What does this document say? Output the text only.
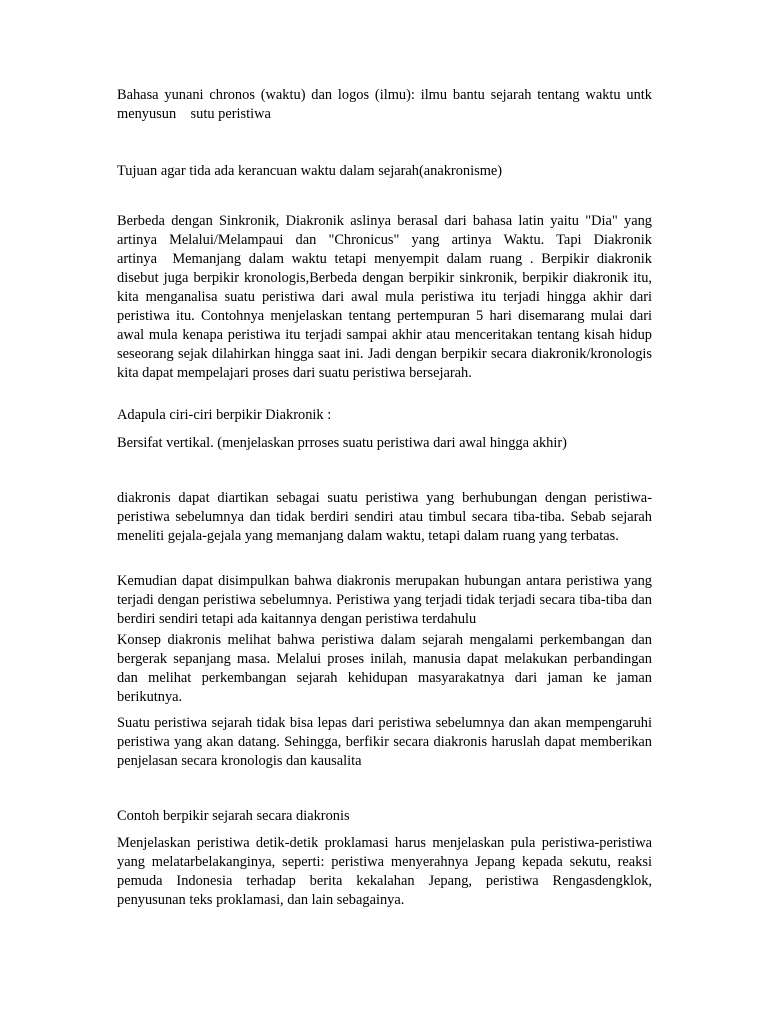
Bahasa yunani chronos (waktu) dan logos (ilmu): ilmu bantu sejarah tentang waktu untk menyusun    sutu peristiwa

Tujuan agar tida ada kerancuan waktu dalam sejarah(anakronisme)

Berbeda dengan Sinkronik, Diakronik aslinya berasal dari bahasa latin yaitu "Dia" yang artinya Melalui/Melampaui dan "Chronicus" yang artinya Waktu. Tapi Diakronik artinya  Memanjang dalam waktu tetapi menyempit dalam ruang . Berpikir diakronik disebut juga berpikir kronologis,Berbeda dengan berpikir sinkronik, berpikir diakronik itu, kita menganalisa suatu peristiwa dari awal mula peristiwa itu terjadi hingga akhir dari peristiwa itu. Contohnya menjelaskan tentang pertempuran 5 hari disemarang mulai dari awal mula kenapa peristiwa itu terjadi sampai akhir atau menceritakan tentang kisah hidup seseorang sejak dilahirkan hingga saat ini. Jadi dengan berpikir secara diakronik/kronologis kita dapat mempelajari proses dari suatu peristiwa bersejarah.

Adapula ciri-ciri berpikir Diakronik :

Bersifat vertikal. (menjelaskan prroses suatu peristiwa dari awal hingga akhir)

diakronis dapat diartikan sebagai suatu peristiwa yang berhubungan dengan peristiwa-peristiwa sebelumnya dan tidak berdiri sendiri atau timbul secara tiba-tiba. Sebab sejarah meneliti gejala-gejala yang memanjang dalam waktu, tetapi dalam ruang yang terbatas.

Kemudian dapat disimpulkan bahwa diakronis merupakan hubungan antara peristiwa yang terjadi dengan peristiwa sebelumnya. Peristiwa yang terjadi tidak terjadi secara tiba-tiba dan berdiri sendiri tetapi ada kaitannya dengan peristiwa terdahulu

Konsep diakronis melihat bahwa peristiwa dalam sejarah mengalami perkembangan dan bergerak sepanjang masa. Melalui proses inilah, manusia dapat melakukan perbandingan dan melihat perkembangan sejarah kehidupan masyarakatnya dari jaman ke jaman berikutnya.

Suatu peristiwa sejarah tidak bisa lepas dari peristiwa sebelumnya dan akan mempengaruhi peristiwa yang akan datang. Sehingga, berfikir secara diakronis haruslah dapat memberikan penjelasan secara kronologis dan kausalita

Contoh berpikir sejarah secara diakronis

Menjelaskan peristiwa detik-detik proklamasi harus menjelaskan pula peristiwa-peristiwa yang melatarbelakanginya, seperti: peristiwa menyerahnya Jepang kepada sekutu, reaksi pemuda Indonesia terhadap berita kekalahan Jepang, peristiwa Rengasdengklok, penyusunan teks proklamasi, dan lain sebagainya.
